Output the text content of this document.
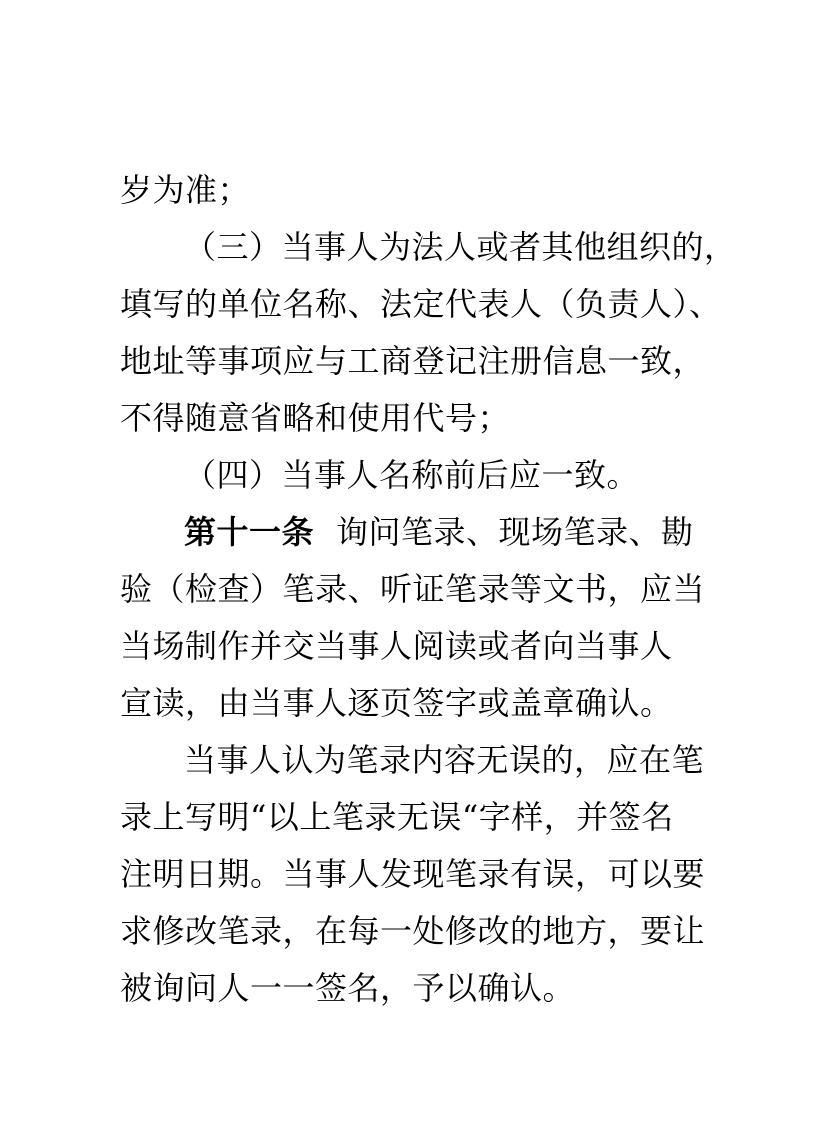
岁为准；
（三）当事人为法人或者其他组织的，
填写的单位名称、法定代表人（负责人）、
地址等事项应与工商登记注册信息一致，
不得随意省略和使用代号；
（四）当事人名称前后应一致。
第十一条 询问笔录、现场笔录、勘
验（检查）笔录、听证笔录等文书，应当
当场制作并交当事人阅读或者向当事人
宣读，由当事人逐页签字或盖章确认。
当事人认为笔录内容无误的，应在笔
录上写明“以上笔录无误“字样，并签名
注明日期。当事人发现笔录有误，可以要
求修改笔录，在每一处修改的地方，要让
被询问人一一签名，予以确认。
